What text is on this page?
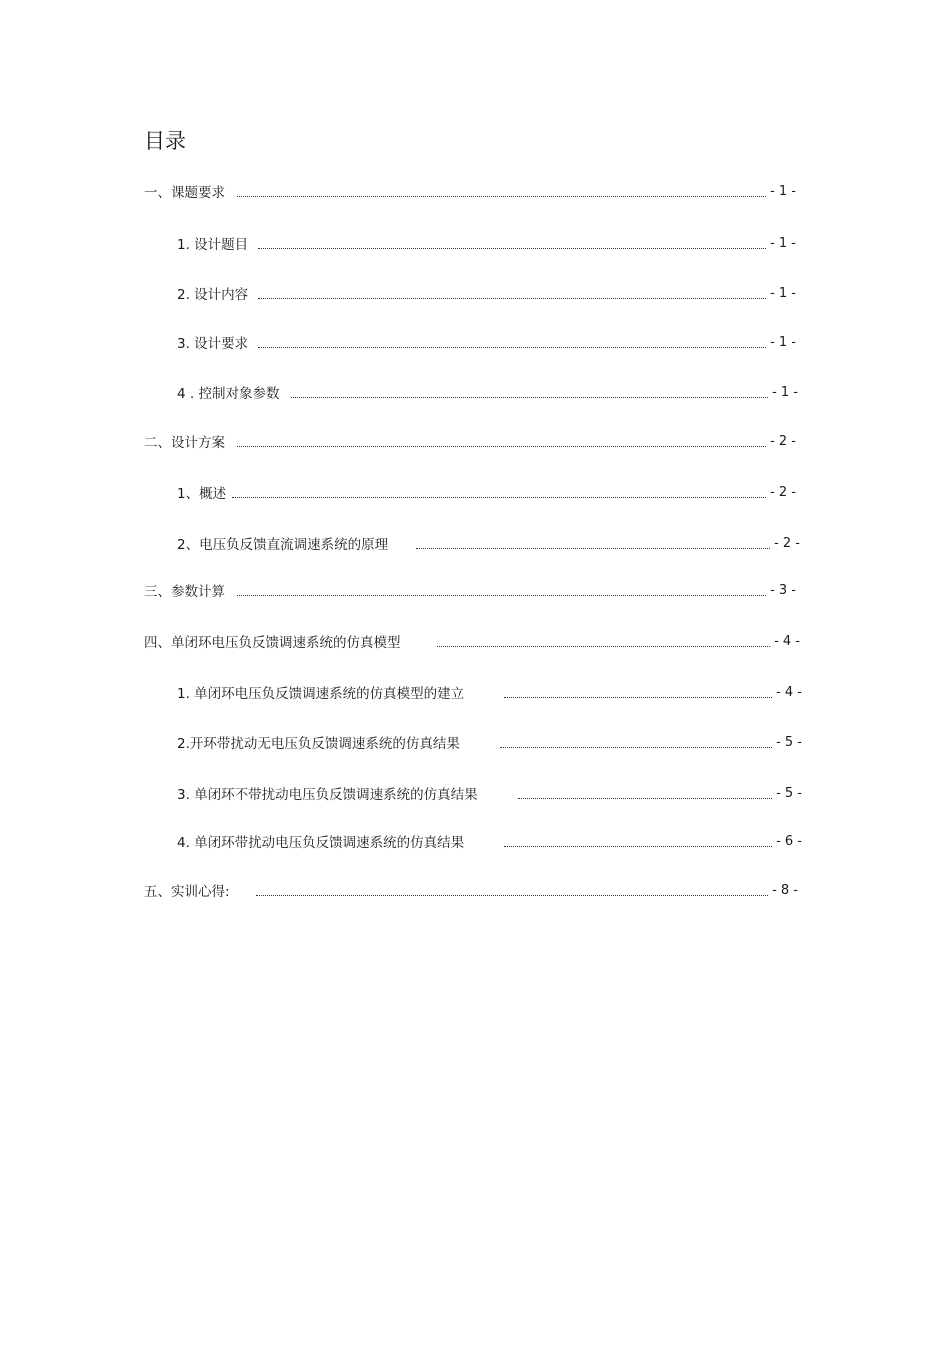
目录
一、课题要求	- 1 -
1. 设计题目	- 1 -
2. 设计内容	- 1 -
3. 设计要求	- 1 -
4 . 控制对象参数	- 1 -
二、设计方案	- 2 -
1、概述	- 2 -
2、电压负反馈直流调速系统的原理	- 2 -
三、参数计算	- 3 -
四、单闭环电压负反馈调速系统的仿真模型	- 4 -
1. 单闭环电压负反馈调速系统的仿真模型的建立	- 4 -
2.开环带扰动无电压负反馈调速系统的仿真结果	- 5 -
3. 单闭环不带扰动电压负反馈调速系统的仿真结果	- 5 -
4. 单闭环带扰动电压负反馈调速系统的仿真结果	- 6 -
五、实训心得:	- 8 -
